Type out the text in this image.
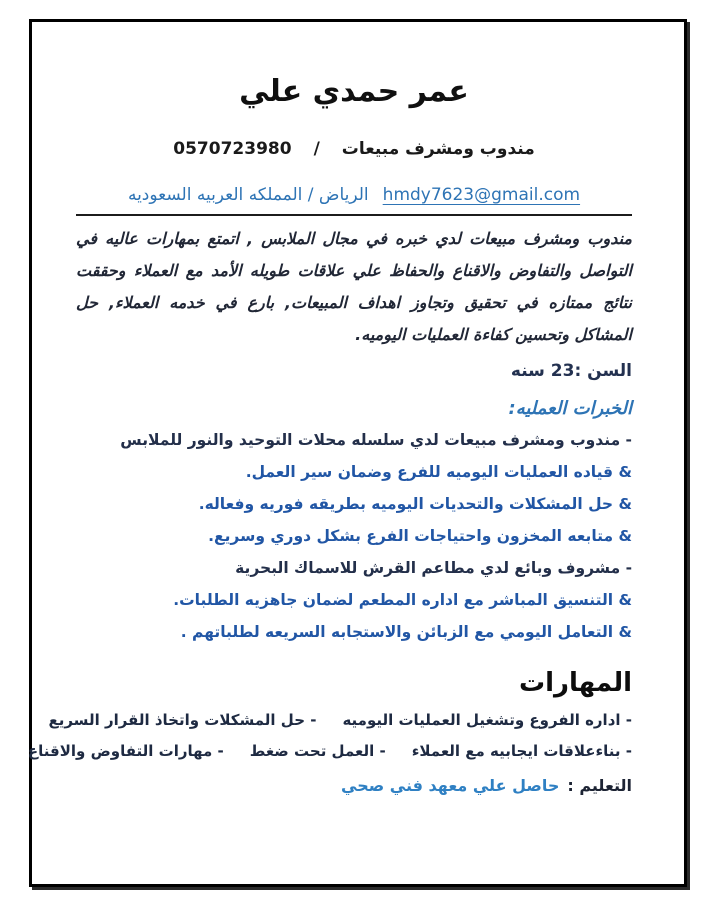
عمر حمدي علي
مندوب ومشرف مبيعات
/
0570723980
hmdy7623@gmail.com
الرياض / المملكه العربيه السعوديه

مندوب ومشرف مبيعات لدي خبره في مجال الملابس , اتمتع بمهارات عاليه في التواصل والتفاوض والاقناع والحفاظ علي علاقات طويله الأمد مع العملاء وحققت نتائج ممتازه في تحقيق وتجاوز اهداف المبيعات, بارع في خدمه العملاء, حل المشاكل وتحسين كفاءة العمليات اليوميه.

السن :23 سنه
الخبرات العمليه:
- مندوب ومشرف مبيعات لدي سلسله محلات التوحيد والنور للملابس
& قياده العمليات اليوميه للفرع وضمان سير العمل.
& حل المشكلات والتحديات اليوميه بطريقه فوريه وفعاله.
& متابعه المخزون واحتياجات الفرع بشكل دوري وسريع.
- مشروف وبائع لدي مطاعم القرش للاسماك البحرية
& التنسيق المباشر مع اداره المطعم لضمان جاهزيه الطلبات.
& التعامل اليومي مع الزبائن والاستجابه السريعه لطلباتهم .
المهارات
- اداره الفروع وتشغيل العمليات اليوميه
- حل المشكلات واتخاذ القرار السريع
- بناءعلاقات ايجابيه مع العملاء
- العمل تحت ضغط
- مهارات التفاوض والاقناع
التعليم :
حاصل علي معهد فني صحي
